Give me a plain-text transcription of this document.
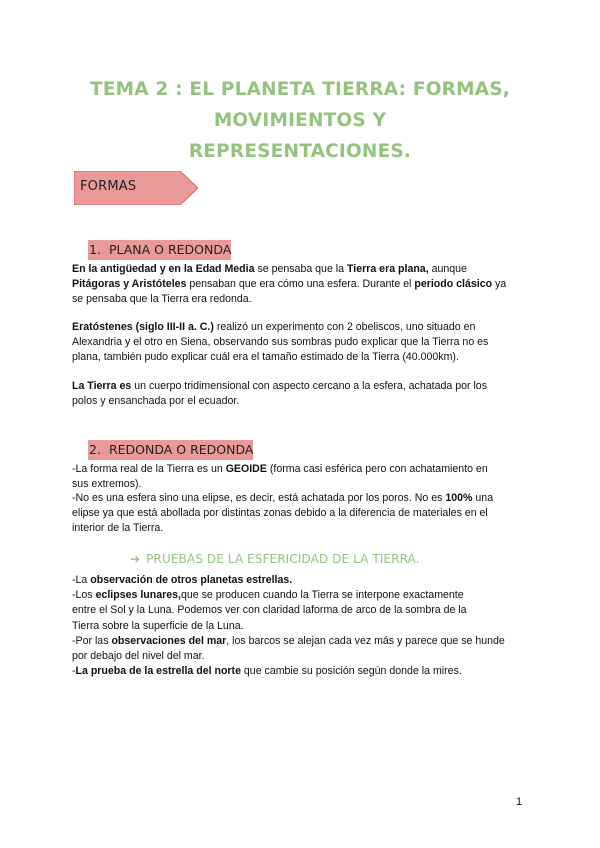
TEMA 2 : EL PLANETA TIERRA: FORMAS, MOVIMIENTOS Y
REPRESENTACIONES.
FORMAS
1. PLANA O REDONDA
En la antigüedad y en la Edad Media se pensaba que la Tierra era plana, aunque
Pitágoras y Aristóteles pensaban que era cómo una esfera. Durante el periodo clásico ya
se pensaba que la Tierra era redonda.
Eratóstenes (siglo III-II a. C.) realizó un experimento con 2 obeliscos, uno situado en
Alexandria y el otro en Siena, observando sus sombras pudo explicar que la Tierra no es
plana, también pudo explicar cuál era el tamaño estimado de la Tierra (40.000km).
La Tierra es un cuerpo tridimensional con aspecto cercano a la esfera, achatada por los
polos y ensanchada por el ecuador.
2. REDONDA O REDONDA
-La forma real de la Tierra es un GEOIDE (forma casi esférica pero con achatamiento en
sus extremos).
-No es una esfera sino una elipse, es decir, está achatada por los poros. No es 100% una
elipse ya que está abollada por distintas zonas debido a la diferencia de materiales en el
interior de la Tierra.
➔ PRUEBAS DE LA ESFERICIDAD DE LA TIERRA.
-La observación de otros planetas estrellas.
-Los eclipses lunares,que se producen cuando la Tierra se interpone exactamente
entre el Sol y la Luna. Podemos ver con claridad laforma de arco de la sombra de la
Tierra sobre la superficie de la Luna.
-Por las observaciones del mar, los barcos se alejan cada vez más y parece que se hunde
por debajo del nivel del mar.
-La prueba de la estrella del norte que cambie su posición según donde la mires.
1
